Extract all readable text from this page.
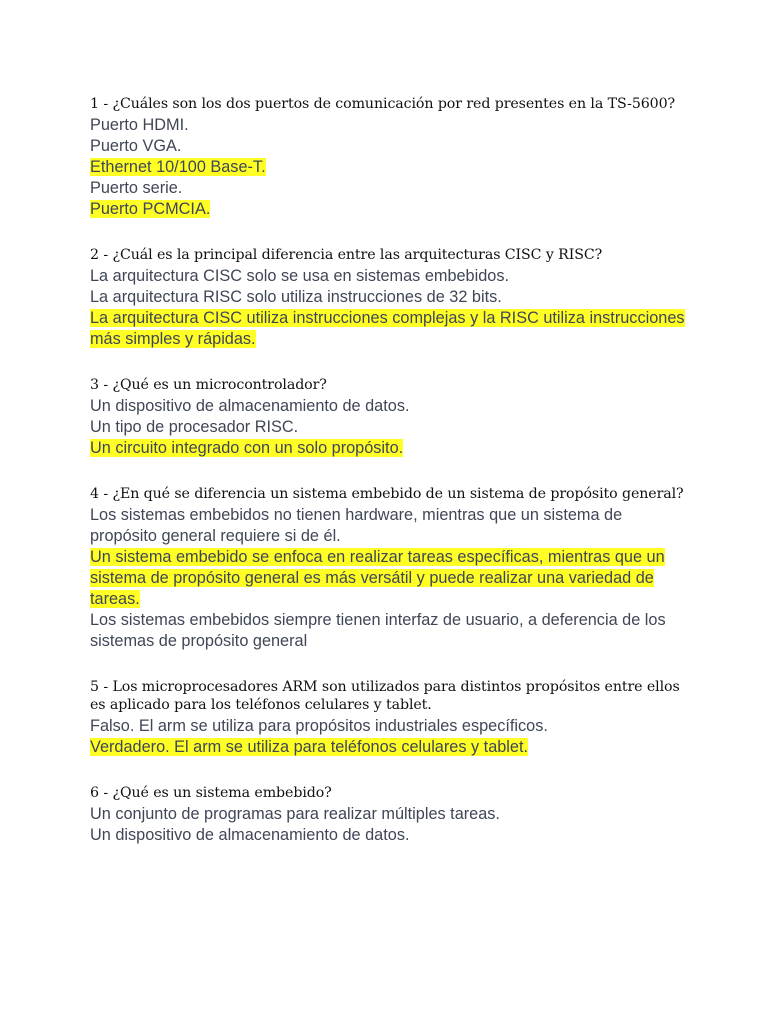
1 - ¿Cuáles son los dos puertos de comunicación por red presentes en la TS-5600?
Puerto HDMI.
Puerto VGA.
Ethernet 10/100 Base-T.
Puerto serie.
Puerto PCMCIA.
2 - ¿Cuál es la principal diferencia entre las arquitecturas CISC y RISC?
La arquitectura CISC solo se usa en sistemas embebidos.
La arquitectura RISC solo utiliza instrucciones de 32 bits.
La arquitectura CISC utiliza instrucciones complejas y la RISC utiliza instrucciones más simples y rápidas.
3 - ¿Qué es un microcontrolador?
Un dispositivo de almacenamiento de datos.
Un tipo de procesador RISC.
Un circuito integrado con un solo propósito.
4 - ¿En qué se diferencia un sistema embebido de un sistema de propósito general?
Los sistemas embebidos no tienen hardware, mientras que un sistema de propósito general requiere si de él.
Un sistema embebido se enfoca en realizar tareas específicas, mientras que un sistema de propósito general es más versátil y puede realizar una variedad de tareas.
Los sistemas embebidos siempre tienen interfaz de usuario, a deferencia de los sistemas de propósito general
5 - Los microprocesadores ARM son utilizados para distintos propósitos entre ellos es aplicado para los teléfonos celulares y tablet.
Falso. El arm se utiliza para propósitos industriales específicos.
Verdadero. El arm se utiliza para teléfonos celulares y tablet.
6 - ¿Qué es un sistema embebido?
Un conjunto de programas para realizar múltiples tareas.
Un dispositivo de almacenamiento de datos.
